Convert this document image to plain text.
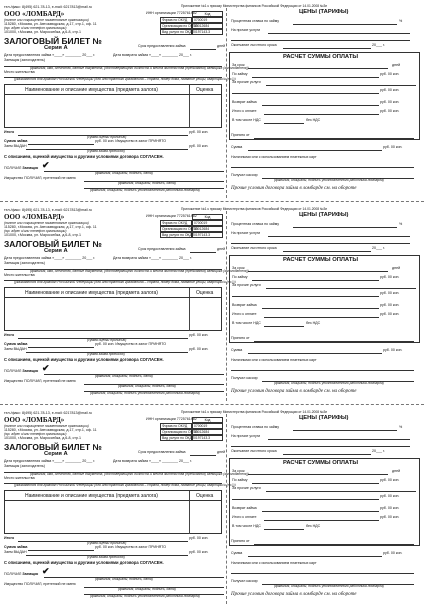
тел./факс: 8(495) 621-78-13, e-mail: 6217813@mail.ru	Приложение №1 к приказу Министерства финансов Российской Федерации от 14.01.2008 №3н
ООО «ЛОМБАРД»
(полное или сокращенное наименование организации)
115280, г.Москва, ул. Автозаводская, д.17, стр.1, оф. 11
(юр. адрес и/или телефон организации)
101000, г.Москва, ул. Мароссейка, д.6-8, стр.1
ИНН организации 7725761982	Код
Форма по ОКУД	0700019
Организация по ОКПО
35012684
Вид услуги по ОКДП 0197143.3
ЗАЛОГОВЫЙ БИЛЕТ №
Серия А	Срок предоставления займа	дней
Дата предоставления займа «____» ________ 20___ г.	Дата возврата займа «____» ________ 20___ г.
Заемщик (залогодатель)
(фамилия, имя, отчество, данные документа, удостоверяющего личность и места жительства (пребывания) заемщика (залогодателя))
Место жительства
(указываются для граждан Российской Федерации (для иностранного гражданина – страна, номер дома, название улицы, квартиры/и (пр.)))
Наименование и описание имущества (предмета залога)	Оценка
Итого	руб. 00 коп.
(сумма оценки прописью)
Сумма займа	руб. 00 коп. Имущество в залог ПРИНЯТО
Заем ВЫДАН	руб. 00 коп.
(сумма займа прописью)
С описанием, оценкой имущества и другими условиями договора СОГЛАСЕН.
✔
ПОЛУЧИЛ Заемщик
(фамилия, инициалы, подпись, дата)
Имущество ПОЛУЧИЛ, претензий не имею
(фамилия, инициалы, подпись, дата)
(фамилия, инициалы, подпись уполномоченного работника ломбарда)
ЦЕНЫ (ТАРИФЫ)
Процентная ставка по займу	%
На прочие услуги
Окончание льготного срока	20___ г.
РАСЧЕТ СУММЫ ОПЛАТЫ
За срок	дней
По займу	руб. 00 коп.
За прочие услуги
руб. 00 коп.
Возврат займа	руб. 00 коп.
Итого к оплате	руб. 00 коп.
В том числе НДС	без НДС
Принято от
Сумма	руб. 00 коп.
Наличными или с использованием платежных карт
Получил кассир
(фамилия, инициалы, подпись уполномоченного работника ломбарда)
Прочие условия договора займа в ломбарде см. на обороте
тел./факс: 8(495) 621-78-13, e-mail: 6217813@mail.ru	Приложение №1 к приказу Министерства финансов Российской Федерации от 14.01.2008 №3н
ООО «ЛОМБАРД»
(полное или сокращенное наименование организации)
115280, г.Москва, ул. Автозаводская, д.17, стр.1, оф. 11
(юр. адрес и/или телефон организации)
101000, г.Москва, ул. Мароссейка, д.6-8, стр.1
ИНН организации 7725761982	Код
Форма по ОКУД	0700019
Организация по ОКПО
35012684
Вид услуги по ОКДП 0197143.3
ЗАЛОГОВЫЙ БИЛЕТ №
Серия А	Срок предоставления займа	дней
Дата предоставления займа «____» ________ 20___ г.	Дата возврата займа «____» ________ 20___ г.
Заемщик (залогодатель)
(фамилия, имя, отчество, данные документа, удостоверяющего личность и места жительства (пребывания) заемщика (залогодателя))
Место жительства
(указываются для граждан Российской Федерации (для иностранного гражданина – страна, номер дома, название улицы, квартиры/и (пр.)))
Наименование и описание имущества (предмета залога)	Оценка
Итого	руб. 00 коп.
(сумма оценки прописью)
Сумма займа	руб. 00 коп. Имущество в залог ПРИНЯТО
Заем ВЫДАН	руб. 00 коп.
(сумма займа прописью)
С описанием, оценкой имущества и другими условиями договора СОГЛАСЕН.
✔
ПОЛУЧИЛ Заемщик
(фамилия, инициалы, подпись, дата)
Имущество ПОЛУЧИЛ, претензий не имею
(фамилия, инициалы, подпись, дата)
(фамилия, инициалы, подпись уполномоченного работника ломбарда)
ЦЕНЫ (ТАРИФЫ)
Процентная ставка по займу	%
На прочие услуги
Окончание льготного срока	20___ г.
РАСЧЕТ СУММЫ ОПЛАТЫ
За срок	дней
По займу	руб. 00 коп.
За прочие услуги
руб. 00 коп.
Возврат займа	руб. 00 коп.
Итого к оплате	руб. 00 коп.
В том числе НДС	без НДС
Принято от
Сумма	руб. 00 коп.
Наличными или с использованием платежных карт
Получил кассир
(фамилия, инициалы, подпись уполномоченного работника ломбарда)
Прочие условия договора займа в ломбарде см. на обороте
тел./факс: 8(495) 621-78-13, e-mail: 6217813@mail.ru	Приложение №1 к приказу Министерства финансов Российской Федерации от 14.01.2008 №3н
ООО «ЛОМБАРД»
(полное или сокращенное наименование организации)
115280, г.Москва, ул. Автозаводская, д.17, стр.1, оф. 11
(юр. адрес и/или телефон организации)
101000, г.Москва, ул. Мароссейка, д.6-8, стр.1
ИНН организации 7725761982	Код
Форма по ОКУД	0700019
Организация по ОКПО
35012684
Вид услуги по ОКДП 0197143.3
ЗАЛОГОВЫЙ БИЛЕТ №
Серия А	Срок предоставления займа	дней
Дата предоставления займа «____» ________ 20___ г.	Дата возврата займа «____» ________ 20___ г.
Заемщик (залогодатель)
(фамилия, имя, отчество, данные документа, удостоверяющего личность и места жительства (пребывания) заемщика (залогодателя))
Место жительства
(указываются для граждан Российской Федерации (для иностранного гражданина – страна, номер дома, название улицы, квартиры/и (пр.)))
Наименование и описание имущества (предмета залога)	Оценка
Итого	руб. 00 коп.
(сумма оценки прописью)
Сумма займа	руб. 00 коп. Имущество в залог ПРИНЯТО
Заем ВЫДАН	руб. 00 коп.
(сумма займа прописью)
С описанием, оценкой имущества и другими условиями договора СОГЛАСЕН.
✔
ПОЛУЧИЛ Заемщик
(фамилия, инициалы, подпись, дата)
Имущество ПОЛУЧИЛ, претензий не имею
(фамилия, инициалы, подпись, дата)
(фамилия, инициалы, подпись уполномоченного работника ломбарда)
ЦЕНЫ (ТАРИФЫ)
Процентная ставка по займу	%
На прочие услуги
Окончание льготного срока	20___ г.
РАСЧЕТ СУММЫ ОПЛАТЫ
За срок	дней
По займу	руб. 00 коп.
За прочие услуги
руб. 00 коп.
Возврат займа	руб. 00 коп.
Итого к оплате	руб. 00 коп.
В том числе НДС	без НДС
Принято от
Сумма	руб. 00 коп.
Наличными или с использованием платежных карт
Получил кассир
(фамилия, инициалы, подпись уполномоченного работника ломбарда)
Прочие условия договора займа в ломбарде см. на обороте
